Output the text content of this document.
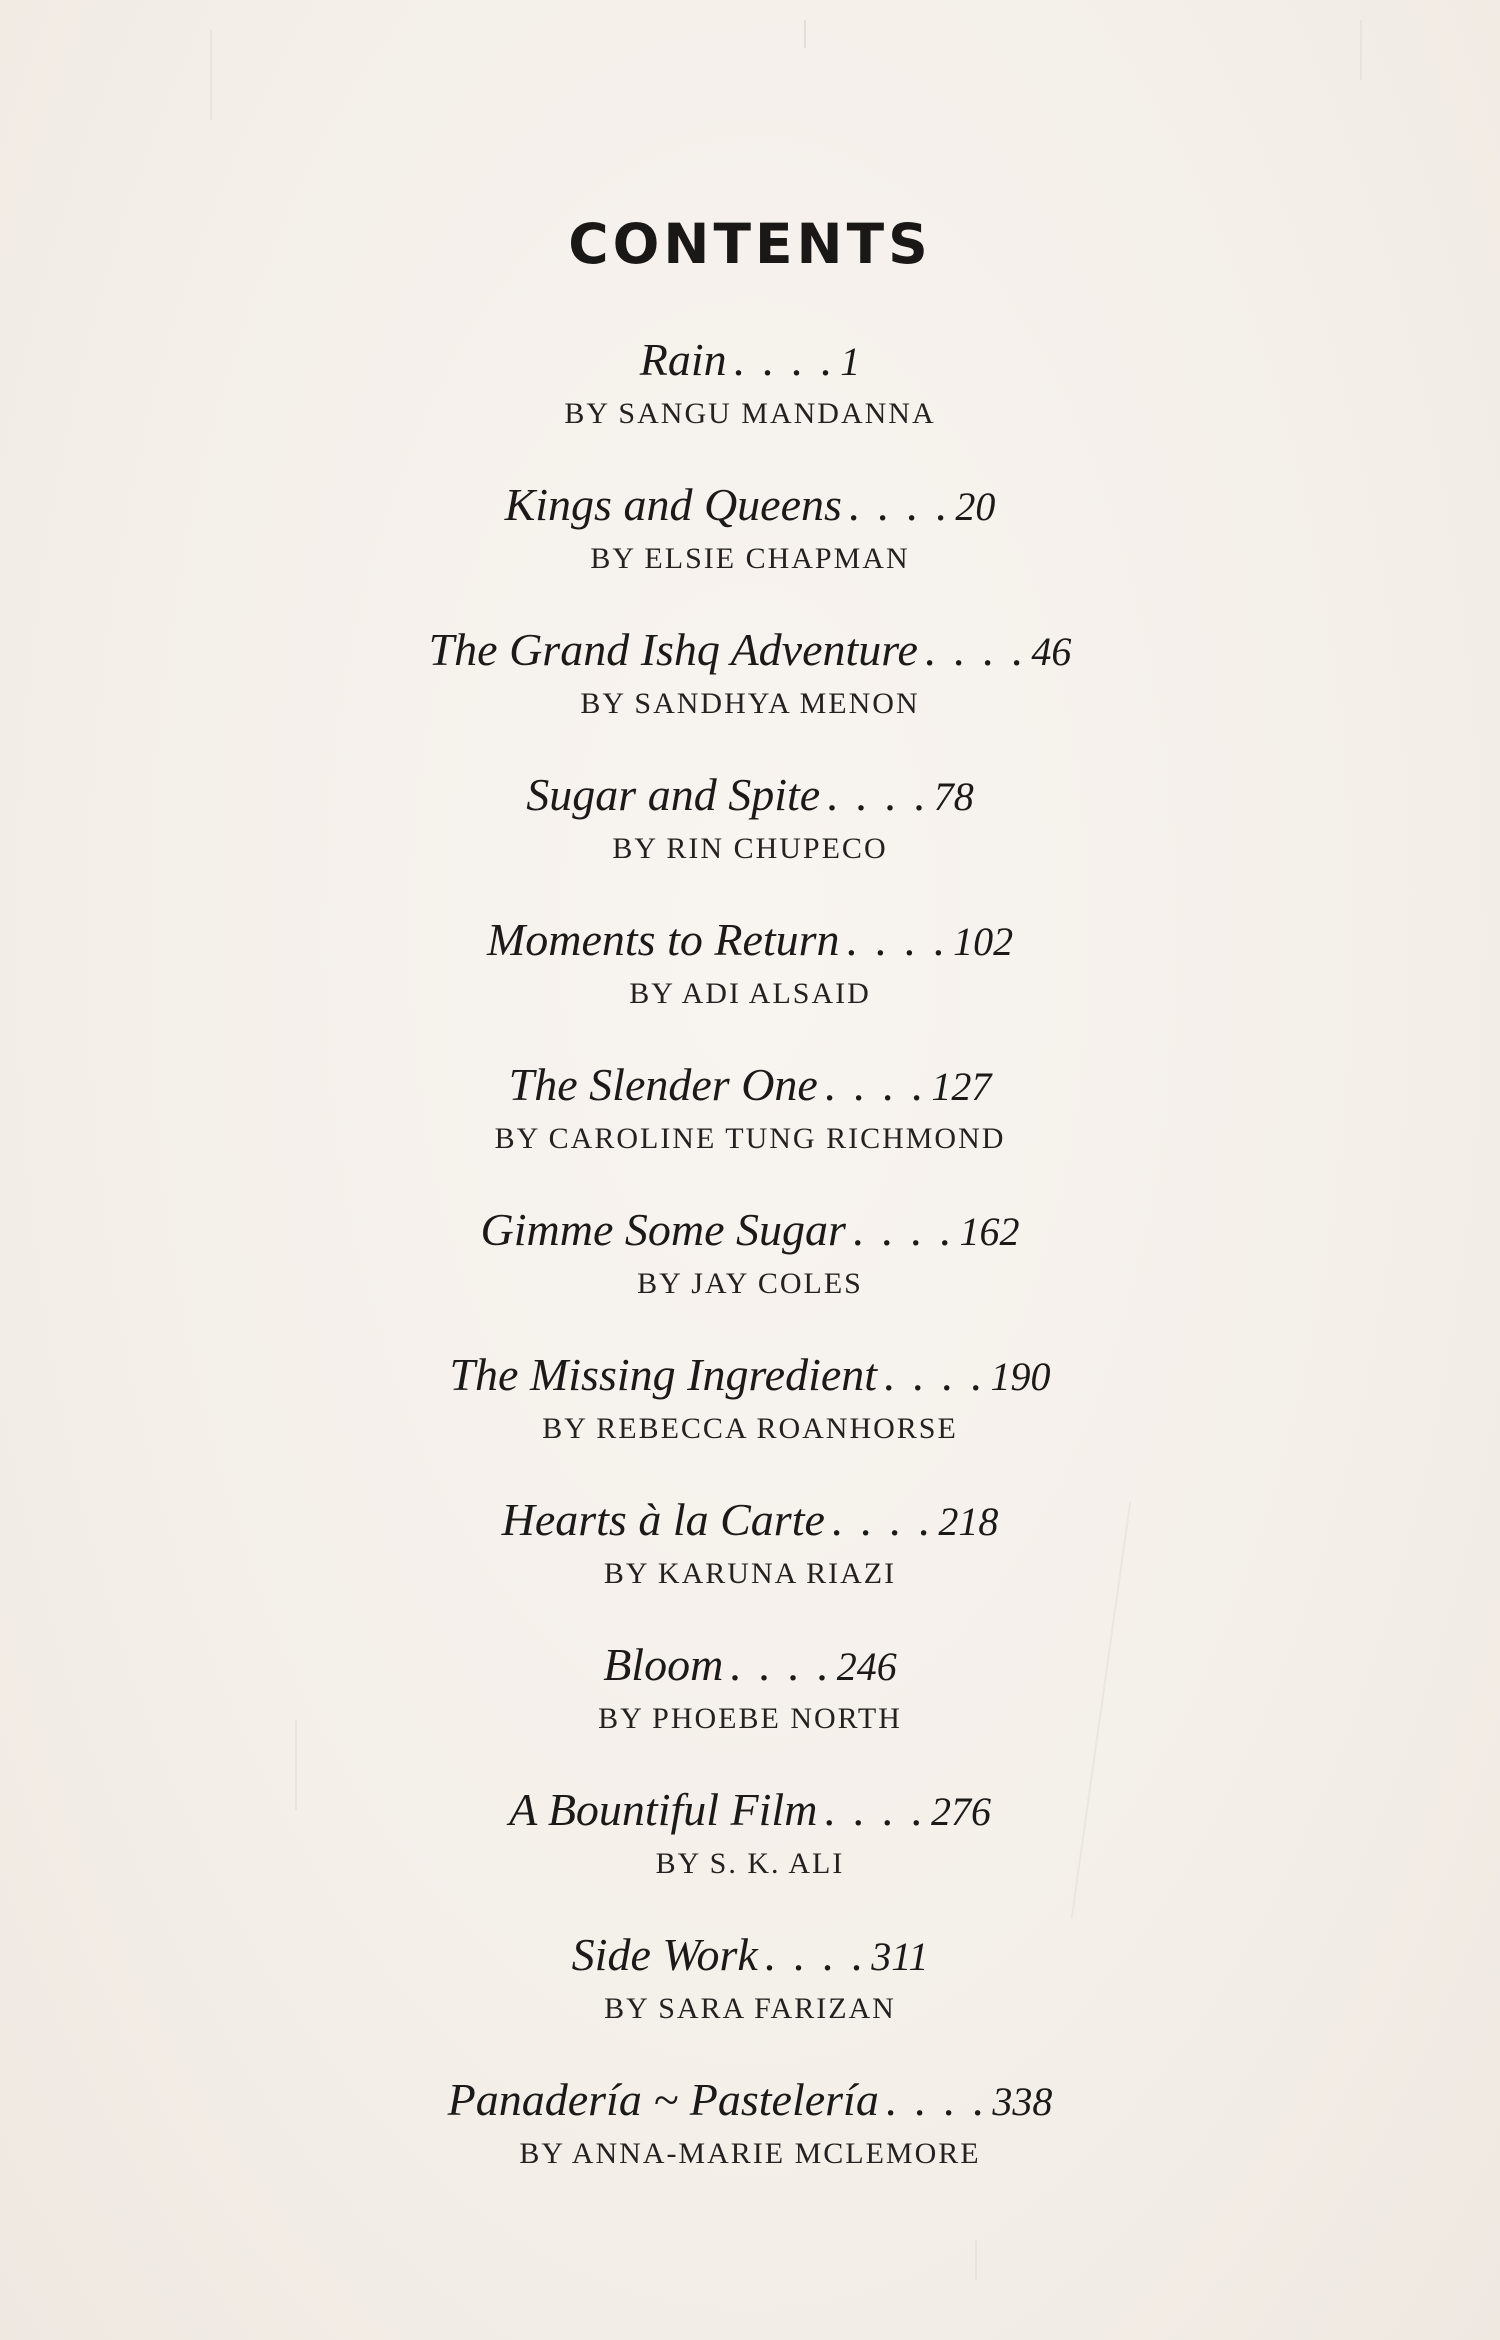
CONTENTS
Rain . . . . 1
BY SANGU MANDANNA
Kings and Queens . . . . 20
BY ELSIE CHAPMAN
The Grand Ishq Adventure . . . . 46
BY SANDHYA MENON
Sugar and Spite . . . . 78
BY RIN CHUPECO
Moments to Return . . . . 102
BY ADI ALSAID
The Slender One . . . . 127
BY CAROLINE TUNG RICHMOND
Gimme Some Sugar . . . . 162
BY JAY COLES
The Missing Ingredient . . . . 190
BY REBECCA ROANHORSE
Hearts à la Carte . . . . 218
BY KARUNA RIAZI
Bloom . . . . 246
BY PHOEBE NORTH
A Bountiful Film . . . . 276
BY S. K. ALI
Side Work . . . . 311
BY SARA FARIZAN
Panadería ~ Pastelería . . . . 338
BY ANNA-MARIE MCLEMORE
